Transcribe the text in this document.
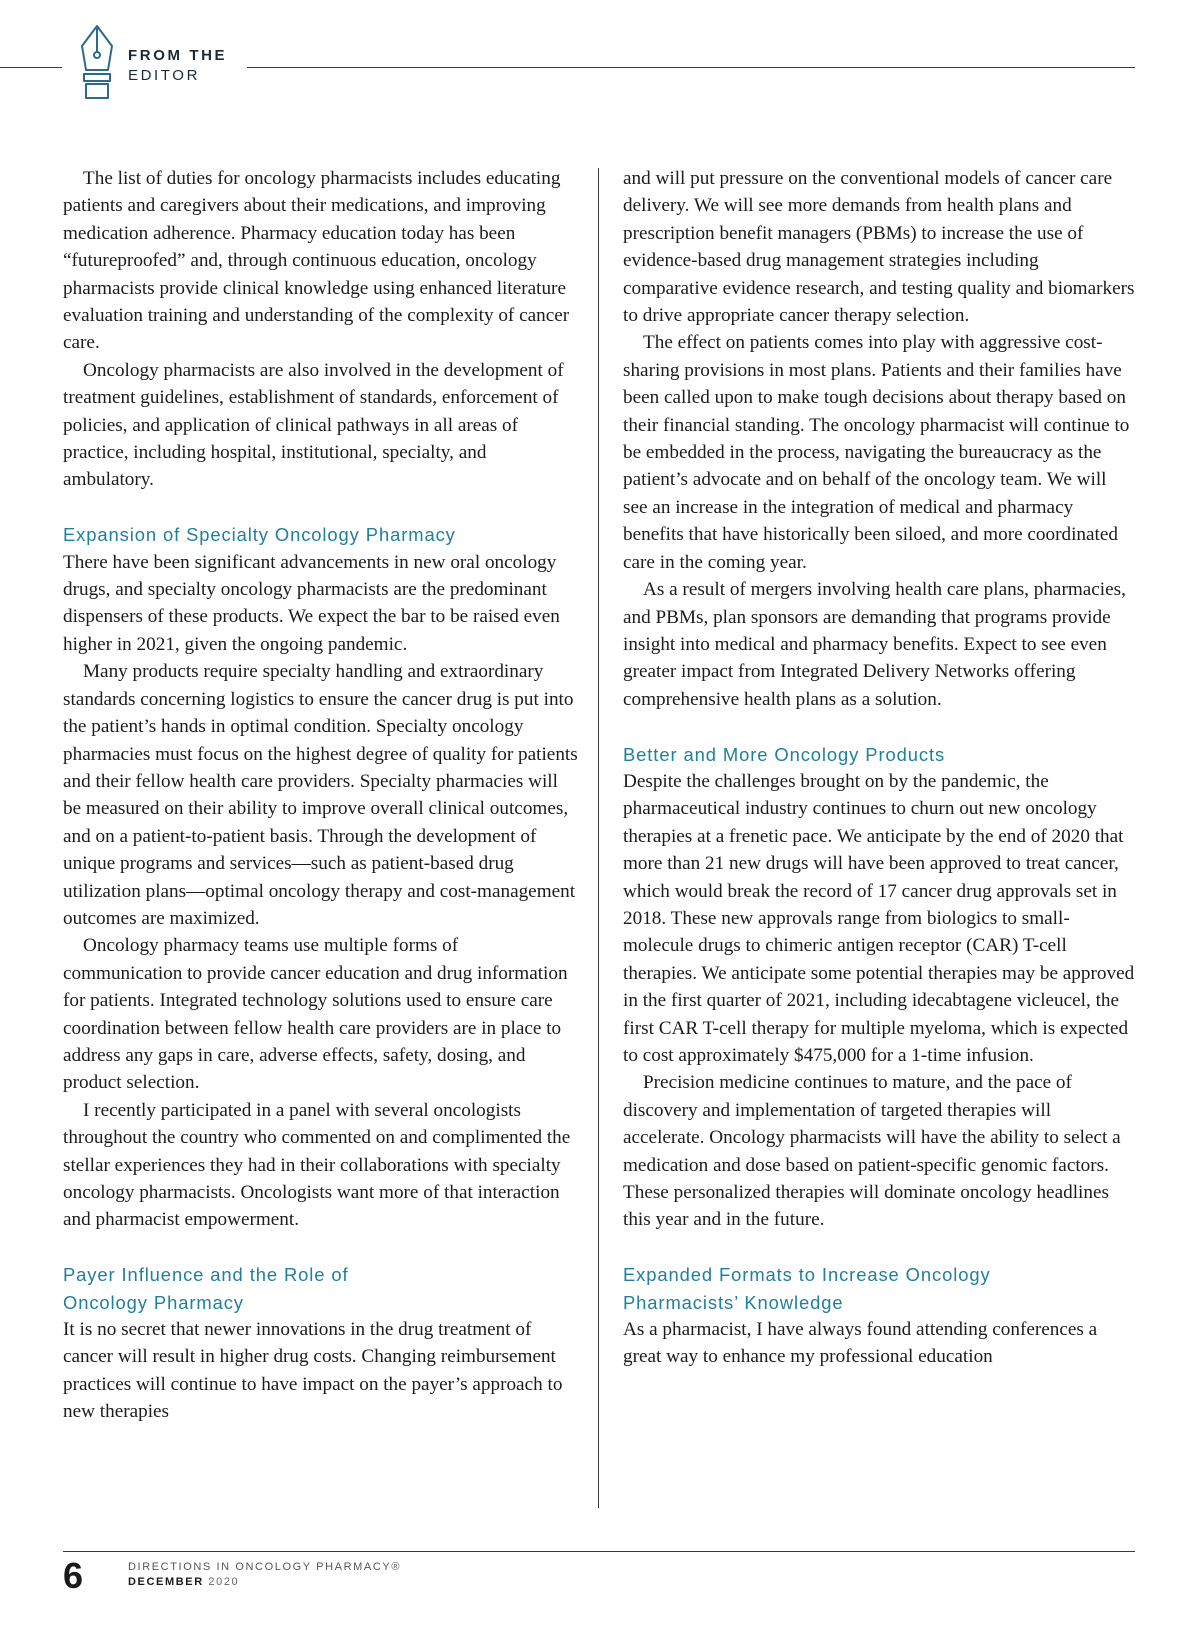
FROM THE
EDITOR

The list of duties for oncology pharmacists includes educating patients and caregivers about their medications, and improving medication adherence. Pharmacy education today has been “futureproofed” and, through continuous education, oncology pharmacists provide clinical knowledge using enhanced literature evaluation training and understanding of the complexity of cancer care.

Oncology pharmacists are also involved in the development of treatment guidelines, establishment of standards, enforcement of policies, and application of clinical pathways in all areas of practice, including hospital, institutional, specialty, and ambulatory.

Expansion of Specialty Oncology Pharmacy

There have been significant advancements in new oral oncology drugs, and specialty oncology pharmacists are the predominant dispensers of these products. We expect the bar to be raised even higher in 2021, given the ongoing pandemic.

Many products require specialty handling and extraordinary standards concerning logistics to ensure the cancer drug is put into the patient’s hands in optimal condition. Specialty oncology pharmacies must focus on the highest degree of quality for patients and their fellow health care providers. Specialty pharmacies will be measured on their ability to improve overall clinical outcomes, and on a patient-to-patient basis. Through the development of unique programs and services—such as patient-based drug utilization plans—optimal oncology therapy and cost-management outcomes are maximized.

Oncology pharmacy teams use multiple forms of communication to provide cancer education and drug information for patients. Integrated technology solutions used to ensure care coordination between fellow health care providers are in place to address any gaps in care, adverse effects, safety, dosing, and product selection.

I recently participated in a panel with several oncologists throughout the country who commented on and complimented the stellar experiences they had in their collaborations with specialty oncology pharmacists. Oncologists want more of that interaction and pharmacist empowerment.

Payer Influence and the Role of Oncology Pharmacy

It is no secret that newer innovations in the drug treatment of cancer will result in higher drug costs. Changing reimbursement practices will continue to have impact on the payer’s approach to new therapies

and will put pressure on the conventional models of cancer care delivery. We will see more demands from health plans and prescription benefit managers (PBMs) to increase the use of evidence-based drug management strategies including comparative evidence research, and testing quality and biomarkers to drive appropriate cancer therapy selection.

The effect on patients comes into play with aggressive cost-sharing provisions in most plans. Patients and their families have been called upon to make tough decisions about therapy based on their financial standing. The oncology pharmacist will continue to be embedded in the process, navigating the bureaucracy as the patient’s advocate and on behalf of the oncology team. We will see an increase in the integration of medical and pharmacy benefits that have historically been siloed, and more coordinated care in the coming year.

As a result of mergers involving health care plans, pharmacies, and PBMs, plan sponsors are demanding that programs provide insight into medical and pharmacy benefits. Expect to see even greater impact from Integrated Delivery Networks offering comprehensive health plans as a solution.

Better and More Oncology Products

Despite the challenges brought on by the pandemic, the pharmaceutical industry continues to churn out new oncology therapies at a frenetic pace. We anticipate by the end of 2020 that more than 21 new drugs will have been approved to treat cancer, which would break the record of 17 cancer drug approvals set in 2018. These new approvals range from biologics to small-molecule drugs to chimeric antigen receptor (CAR) T-cell therapies. We anticipate some potential therapies may be approved in the first quarter of 2021, including idecabtagene vicleucel, the first CAR T-cell therapy for multiple myeloma, which is expected to cost approximately $475,000 for a 1-time infusion.

Precision medicine continues to mature, and the pace of discovery and implementation of targeted therapies will accelerate. Oncology pharmacists will have the ability to select a medication and dose based on patient-specific genomic factors. These personalized therapies will dominate oncology headlines this year and in the future.

Expanded Formats to Increase Oncology Pharmacists’ Knowledge

As a pharmacist, I have always found attending conferences a great way to enhance my professional education

6	DIRECTIONS IN ONCOLOGY PHARMACY®
DECEMBER 2020
